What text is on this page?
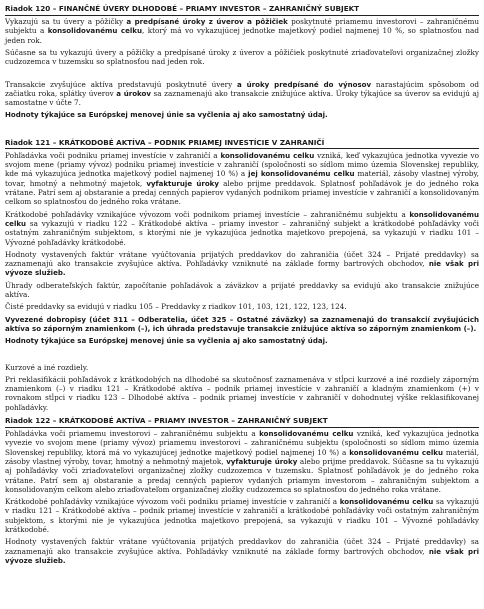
Riadok 120 – FINANČNÉ ÚVERY DLHODOBÉ – PRIAMY INVESTOR – ZAHRANIČNÝ SUBJEKT

Vykazujú sa tu úvery a pôžičky a predpísané úroky z úverov a pôžičiek poskytnuté priamemu investorovi – zahraničnému subjektu a konsolidovanému celku, ktorý má vo vykazujúcej jednotke majetkový podiel najmenej 10 %, so splatnosťou nad jeden rok.

Súčasne sa tu vykazujú úvery a pôžičky a predpísané úroky z úverov a pôžičiek poskytnuté zriaďovateľovi organizačnej zložky cudzozemca v tuzemsku so splatnosťou nad jeden rok.

Transakcie zvyšujúce aktíva predstavujú poskytnuté úvery a úroky predpísané do výnosov narastajúcim spôsobom od začiatku roka, splátky úverov a úrokov sa zaznamenajú ako transakcie znižujúce aktíva. Úroky týkajúce sa úverov sa evidujú aj samostatne v účte 7.

Hodnoty týkajúce sa Európskej menovej únie sa vyčlenia aj ako samostatný údaj.

Riadok 121 – KRÁTKODOBÉ AKTÍVA – PODNIK PRIAMEJ INVESTÍCIE V ZAHRANIČÍ

Pohľadávka voči podniku priamej investície v zahraničí a konsolidovanému celku vzniká, keď vykazujúca jednotka vyvezie vo svojom mene (priamy vývoz) podniku priamej investície v zahraničí (spoločnosti so sídlom mimo územia Slovenskej republiky, kde má vykazujúca jednotka majetkový podiel najmenej 10 %) a jej konsolidovanému celku materiál, zásoby vlastnej výroby, tovar, hmotný a nehmotný majetok, vyfakturuje úroky alebo prijme preddavok. Splatnosť pohľadávok je do jedného roka vrátane. Patrí sem aj obstaranie a predaj cenných papierov vydaných podnikom priamej investície v zahraničí a konsolidovaným celkom so splatnosťou do jedného roka vrátane.

Krátkodobé pohľadávky vznikajúce vývozom voči podnikom priamej investície – zahraničnému subjektu a konsolidovanému celku sa vykazujú v riadku 122 – Krátkodobé aktíva – priamy investor – zahraničný subjekt a krátkodobé pohľadávky voči ostatným zahraničným subjektom, s ktorými nie je vykazujúca jednotka majetkovo prepojená, sa vykazujú v riadku 101 – Vývozné pohľadávky krátkodobé.

Hodnoty vystavených faktúr vrátane vyúčtovania prijatých preddavkov do zahraničia (účet 324 – Prijaté preddavky) sa zaznamenajú ako transakcie zvyšujúce aktíva. Pohľadávky vzniknuté na základe formy bartrových obchodov, nie však pri vývoze služieb.

Úhrady odberateľských faktúr, započítanie pohľadávok a záväzkov a prijaté preddavky sa evidujú ako transakcie znižujúce aktíva.

Čisté preddavky sa evidujú v riadku 105 – Preddavky z riadkov 101, 103, 121, 122, 123, 124.

Vyvezené dobropisy (účet 311 – Odberatelia, účet 325 – Ostatné záväzky) sa zaznamenajú do transakcií zvyšujúcich aktíva so záporným znamienkom (–), ich úhrada predstavuje transakcie znižujúce aktíva so záporným znamienkom (–).

Hodnoty týkajúce sa Európskej menovej únie sa vyčlenia aj ako samostatný údaj.

Kurzové a iné rozdiely.

Pri reklasifikácii pohľadávok z krátkodobých na dlhodobé sa skutočnosť zaznamenáva v stĺpci kurzové a iné rozdiely záporným znamienkom (–) v riadku 121 – Krátkodobé aktíva – podnik priamej investície v zahraničí a kladným znamienkom (+) v rovnakom stĺpci v riadku 123 – Dlhodobé aktíva – podnik priamej investície v zahraničí v dohodnutej výške reklasifikovanej pohľadávky.

Riadok 122 – KRÁTKODOBÉ AKTÍVA – PRIAMY INVESTOR – ZAHRANIČNÝ SUBJEKT

Pohľadávka voči priamemu investorovi – zahraničnému subjektu a konsolidovanému celku vzniká, keď vykazujúca jednotka vyvezie vo svojom mene (priamy vývoz) priamemu investorovi – zahraničnému subjektu (spoločnosti so sídlom mimo územia Slovenskej republiky, ktorá má vo vykazujúcej jednotke majetkový podiel najmenej 10 %) a konsolidovanému celku materiál, zásoby vlastnej výroby, tovar, hmotný a nehmotný majetok, vyfakturuje úroky alebo prijme preddavok. Súčasne sa tu vykazujú aj pohľadávky voči zriaďovateľovi organizačnej zložky cudzozemca v tuzemsku. Splatnosť pohľadávok je do jedného roka vrátane. Patrí sem aj obstaranie a predaj cenných papierov vydaných priamym investorom – zahraničným subjektom a konsolidovaným celkom alebo zriaďovateľom organizačnej zložky cudzozemca so splatnosťou do jedného roka vrátane.

Krátkodobé pohľadávky vznikajúce vývozom voči podniku priamej investície v zahraničí a konsolidovanému celku sa vykazujú v riadku 121 – Krátkodobé aktíva – podnik priamej investície v zahraničí a krátkodobé pohľadávky voči ostatným zahraničným subjektom, s ktorými nie je vykazujúca jednotka majetkovo prepojená, sa vykazujú v riadku 101 – Vývozné pohľadávky krátkodobé.

Hodnoty vystavených faktúr vrátane vyúčtovania prijatých preddavkov do zahraničia (účet 324 – Prijaté preddavky) sa zaznamenajú ako transakcie zvyšujúce aktíva. Pohľadávky vzniknuté na základe formy bartrových obchodov, nie však pri vývoze služieb.
